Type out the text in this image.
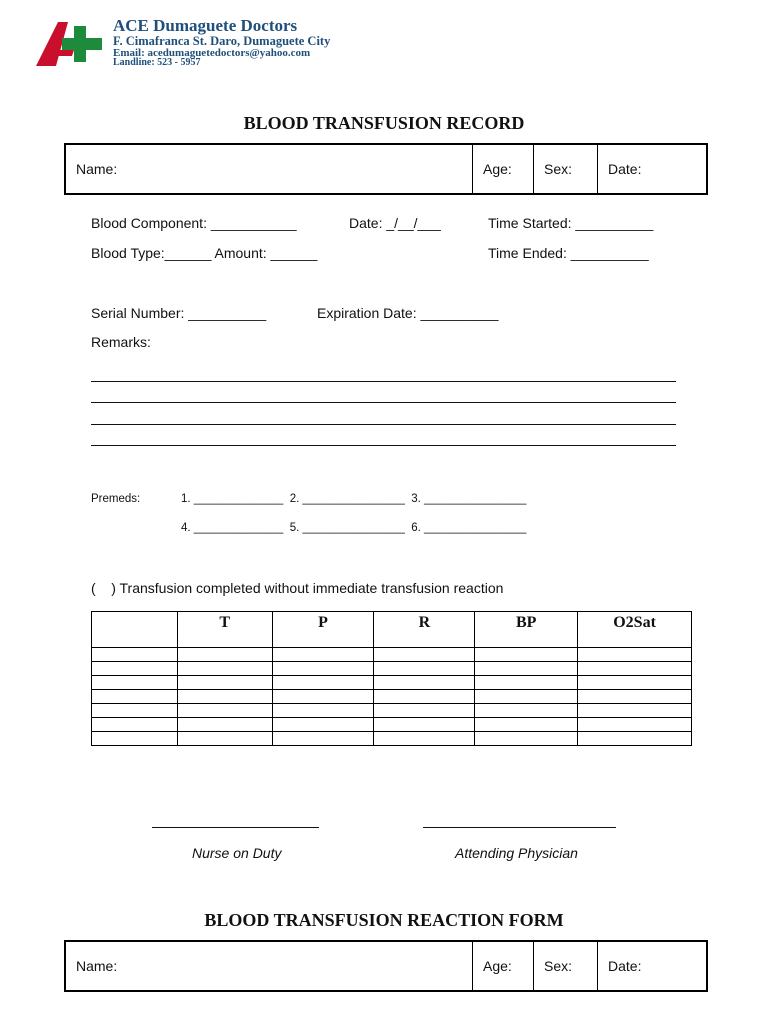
ACE Dumaguete Doctors
F. Cimafranca St. Daro, Dumaguete City
Email: acedumaguetedoctors@yahoo.com
Landline: 523 - 5957
BLOOD TRANSFUSION RECORD
Name:	Age:	Sex:	Date:
Blood Component: ___________	Date: _/__/___	Time Started: __________
Blood Type:______ Amount: ______	Time Ended: __________
Serial Number: __________	Expiration Date: __________
Remarks:
Premeds:	1. ______________  2. ________________  3. ________________
4. ______________  5. ________________  6. ________________
(    ) Transfusion completed without immediate transfusion reaction
	T	P	R	BP	O2Sat

Nurse on Duty	Attending Physician
BLOOD TRANSFUSION REACTION FORM
Name:	Age:	Sex:	Date:
